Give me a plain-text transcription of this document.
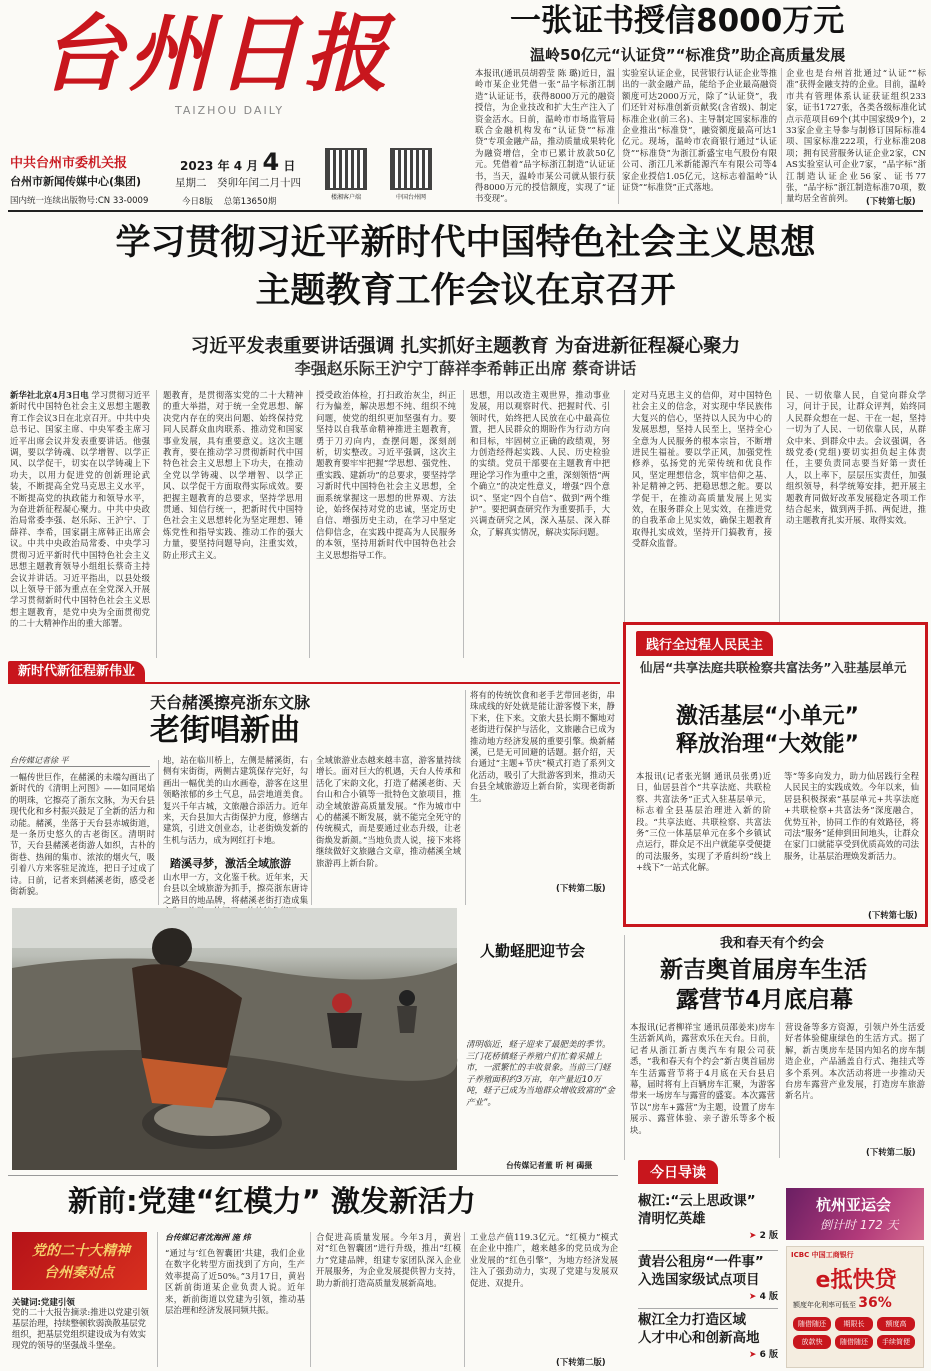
台州日报
TAIZHOU DAILY
中共台州市委机关报
台州市新闻传媒中心(集团)
国内统一连续出版物号:CN 33-0009
2023 年 4 月 4 日
星期二　癸卯年闰二月十四
今日8版 总第13650期	楼湘客户端	中国台州网
一张证书授信8000万元
温岭50亿元“认证贷”“标准贷”助企高质量发展
本报讯(通讯员胡碧莹 陈 璐)近日，温岭市某企业凭借一张“品字标浙江制造”认证证书，获得8000万元的融资授信，为企业技改和扩大生产注入了资金活水。日前，温岭市市场监管局联合金融机构发布“认证贷”“标准贷”专项金融产品，推动质量成果转化为融资增信，全市已累计放款50亿元。凭借着“品字标浙江制造”认证证书，当天，温岭市某公司就从银行获得8000万元的授信额度，实现了“证书变现”。
实验室认证企业，民营银行认证企业等推出的一款金融产品，能给予企业最高融资额度可达2000万元，除了“认证贷”，我们还针对标准创新贡献奖(含省级)、制定标准企业(前三名)、主导制定国家标准的企业推出“标准贷”，融资额度最高可达1亿元。现场，温岭市农商银行通过“认证贷”“标准贷”为浙江新盛宝电气股份有限公司、浙江几米新能源汽车有限公司等4家企业授信1.05亿元，这标志着温岭“认证贷”“标准贷”正式落地。
企业也是台州首批通过“认证”“标准”获得金融支持的企业。目前，温岭市共有管理体系认证获证组织233家，证书1727张，各类各级标准化试点示范项目69个(其中国家级9个)，233家企业主导参与制修订国际标准4项、国家标准222项，行业标准208项；拥有民营服务认证企业2家，CNAS实验室认可企业7家，“品字标”浙江制造认证企业56家、证书77张，“品字标”浙江制造标准70项，数量均居全省前列。	(下转第七版)
学习贯彻习近平新时代中国特色社会主义思想
主题教育工作会议在京召开
习近平发表重要讲话强调 扎实抓好主题教育 为奋进新征程凝心聚力
李强赵乐际王沪宁丁薛祥李希韩正出席 蔡奇讲话
新华社北京4月3日电 学习贯彻习近平新时代中国特色社会主义思想主题教育工作会议3日在北京召开。中共中央总书记、国家主席、中央军委主席习近平出席会议并发表重要讲话。他强调，要以学铸魂、以学增智、以学正风、以学促干，切实在以学铸魂上下功夫，以用力促进党的创新理论武装，不断提高全党马克思主义水平，不断提高党的执政能力和领导水平，为奋进新征程凝心聚力。中共中央政治局常委李强、赵乐际、王沪宁、丁薛祥、李希，国家副主席韩正出席会议。中共中央政治局常委、中央学习贯彻习近平新时代中国特色社会主义思想主题教育领导小组组长蔡奇主持会议并讲话。习近平指出，以县处级以上领导干部为重点在全党深入开展学习贯彻新时代中国特色社会主义思想主题教育，是党中央为全面贯彻党的二十大精神作出的重大部署。
题教育，是贯彻落实党的二十大精神的重大举措，对于统一全党思想、解决党内存在的突出问题、始终保持党同人民群众血肉联系、推动党和国家事业发展，具有重要意义。这次主题教育，要在推动学习贯彻新时代中国特色社会主义思想上下功夫，在推动全党以学铸魂、以学增智、以学正风、以学促干方面取得实际成效。要把握主题教育的总要求，坚持学思用贯通、知信行统一，把新时代中国特色社会主义思想转化为坚定理想、锤炼党性和指导实践、推动工作的强大力量，要坚持问题导向，注重实效，防止形式主义。
授受政治体检，打扫政治灰尘，纠正行为偏差，解决思想不纯、组织不纯问题，使党的组织更加坚强有力。要坚持以自我革命精神推进主题教育，勇于刀刃向内，查摆问题，深刻剖析，切实整改。习近平强调，这次主题教育要牢牢把握“学思想、强党性、重实践、建新功”的总要求，要坚持学习新时代中国特色社会主义思想，全面系统掌握这一思想的世界观、方法论，始终保持对党的忠诚，坚定历史自信、增强历史主动，在学习中坚定信仰信念，在实践中提高为人民服务的本领，坚持用新时代中国特色社会主义思想指导工作。
思想，用以改造主观世界，推动事业发展，用以观察时代、把握时代、引领时代，始终把人民放在心中最高位置，把人民群众的期盼作为行动方向和目标，牢固树立正确的政绩观，努力创造经得起实践、人民、历史检验的实绩。党员干部要在主题教育中把理论学习作为重中之重，深刻领悟“两个确立”的决定性意义，增强“四个意识”、坚定“四个自信”、做到“两个维护”。要把调查研究作为重要抓手，大兴调查研究之风，深入基层、深入群众，了解真实情况，解决实际问题。
定对马克思主义的信仰，对中国特色社会主义的信念，对实现中华民族伟大复兴的信心，坚持以人民为中心的发展思想，坚持人民至上，坚持全心全意为人民服务的根本宗旨，不断增进民生福祉。要以学正风，加强党性修养，弘扬党的光荣传统和优良作风，坚定理想信念，筑牢信仰之基、补足精神之钙、把稳思想之舵。要以学促干，在推动高质量发展上见实效，在服务群众上见实效，在推进党的自我革命上见实效，确保主题教育取得扎实成效，坚持开门搞教育，接受群众监督。
民、一切依靠人民，自觉向群众学习，问计于民，让群众评判，始终同人民群众想在一起、干在一起，坚持一切为了人民、一切依靠人民，从群众中来、到群众中去。会议强调，各级党委(党组)要切实担负起主体责任，主要负责同志要当好第一责任人，以上率下，层层压实责任，加强组织领导，科学统筹安排，把开展主题教育同做好改革发展稳定各项工作结合起来，做到两手抓、两促进，推动主题教育扎实开展、取得实效。
新时代新征程新伟业
天台赭溪擦亮浙东文脉
老街唱新曲
台传媒记者徐 平
一幅传世巨作，在赭溪的未端勾画出了新时代的《清明上河图》——如同尾焰的明珠，它擦亮了浙东文脉，为天台县现代化和乡村振兴鼓足了全新的活力和动能。赭溪，坐落于天台县赤城街道，是一条历史悠久的古老街区。清明时节，天台县赭溪老街游人如织，古朴的街巷、热闹的集市、浓浓的烟火气，吸引着八方来客驻足流连，把日子过成了诗。日前，记者来到赭溪老街，感受老街新貌。
地，站在临川桥上，左侧是赭溪街，右侧有宋街街，两侧古建筑保存完好，勾画出一幅优美的山水画卷，游客在这里领略浓郁的乡土气息，品尝地道美食。复兴千年古城，文旅融合添活力。近年来，天台县加大古街保护力度，修缮古建筑，引进文创业态，让老街焕发新的生机与活力，成为网红打卡地。
踏溪寻梦，激活全域旅游
山水甲一方，文化鉴千秋。近年来，天台县以全域旅游为抓手，擦亮浙东唐诗之路目的地品牌，将赭溪老街打造成集
全域旅游业态越来越丰富，游客量持续增长。面对巨大的机遇，天台人传承和活化了宋韵文化，打造了赭溪老街、天台山和合小镇等一批特色文旅项目，推动全域旅游高质量发展。“作为城市中心的赭溪不断发展，就不能完全死守的传统模式，而是要通过业态升级，让老街焕发新颜。”当地负责人说，接下来将继续做好文旅融合文章，推动赭溪全域旅游再上新台阶。
将有的传统饮食和老手艺带回老街，串珠成线的好处就是能让游客慢下来，静下来，住下来。文旅大县长期不懈地对老街进行保护与活化，文旅融合已成为推动地方经济发展的重要引擎。焕新赭溪，已是无可回避的话题。据介绍，天台通过“主题+节庆”模式打造了系列文化活动，吸引了大批游客到来，推动天台县全域旅游迈上新台阶，实现老街新生。
(下转第二版)
践行全过程人民民主
仙居“共享法庭共联检察共富法务”入驻基层单元
激活基层“小单元”
释放治理“大效能”
本报讯(记者张光钢 通讯员张勇)近日，仙居县首个“共享法庭、共联检察、共富法务”正式入驻基层单元，标志着全县基层治理进入新的阶段。“共享法庭、共联检察、共富法务”三位一体基层单元在多个乡镇试点运行，群众足不出户就能享受便捷的司法服务，实现了矛盾纠纷“线上+线下”一站式化解。
等“等多向发力，助力仙居践行全程人民民主的实践成效。今年以来，仙居县积极探索“基层单元+共享法庭+共联检察+共富法务”深度融合，优势互补，协同工作的有效路径，将司法“服务”延伸到田间地头，让群众在家门口就能享受到优质高效的司法服务，让基层治理焕发新活力。
(下转第七版)
人勤蛏肥迎节会
清明临近，蛏子迎来了最肥美的季节。三门花桥镇蛏子养殖户们忙着采捕上市，一派繁忙的丰收景象。当前三门蛏子养殖面积约3万亩，年产量近10万吨，蛏子已成为当地群众增收致富的“金产业”。
台传媒记者董 昕 柯 碣摄
我和春天有个约会
新吉奥首届房车生活
露营节4月底启幕
本报讯(记者柳祥宝 通讯员邵姜来)房车生活新风尚，露营欢乐在天台。日前，记者从浙江新吉奥汽车有限公司获悉，“我和春天有个约会”新吉奥首届房车生活露营节将于4月底在天台县启幕，届时将有上百辆房车汇聚，为游客带来一场房车与露营的盛宴。本次露营节以“房车+露营”为主题，设置了房车展示、露营体验、亲子游乐等多个板块。
营设备等多方资源，引领户外生活爱好者体验健康绿色的生活方式。据了解，新吉奥房车是国内知名的房车制造企业，产品涵盖自行式、拖挂式等多个系列。本次活动将进一步推动天台房车露营产业发展，打造房车旅游新名片。
(下转第二版)
新前:党建“红模力” 激发新活力
党的二十大精神
台州奏对点
关键词:党建引领
党的二十大报告摘录:推进以党建引领基层治理，持续整顿软弱涣散基层党组织，把基层党组织建设成为有效实现党的领导的坚强战斗堡垒。
台传媒记者沈海洲 施 炜
“通过与‘红色智囊团’共建，我们企业在数字化转型方面找到了方向，生产效率提高了近50%。”3月17日，黄岩区新前街道某企业负责人说。近年来，新前街道以党建为引领，推动基层治理和经济发展同频共振。
合促进高质量发展。今年3月，黄岩对“红色智囊团”进行升级，推出“红模力”党建品牌，组建专家团队深入企业开展服务，为企业发展提供智力支持，助力新前打造高质量发展新高地。
工业总产值119.3亿元。“红模力”模式在企业中推广，越来越多的党员成为企业发展的“红色引擎”，为地方经济发展注入了强劲动力，实现了党建与发展双促进、双提升。
(下转第二版)
今日导读
椒江:“云上思政课”
清明忆英雄
➤ 2 版
黄岩公租房“一件事”
入选国家级试点项目
➤ 4 版
椒江全力打造区域
人才中心和创新高地
➤ 6 版
杭州亚运会
倒计时 172 天
ICBC 中国工商银行
e抵快贷
额度年化利率可低至 36%
随借随还	期限长	额度高
放款快	随借随还	手续简便
